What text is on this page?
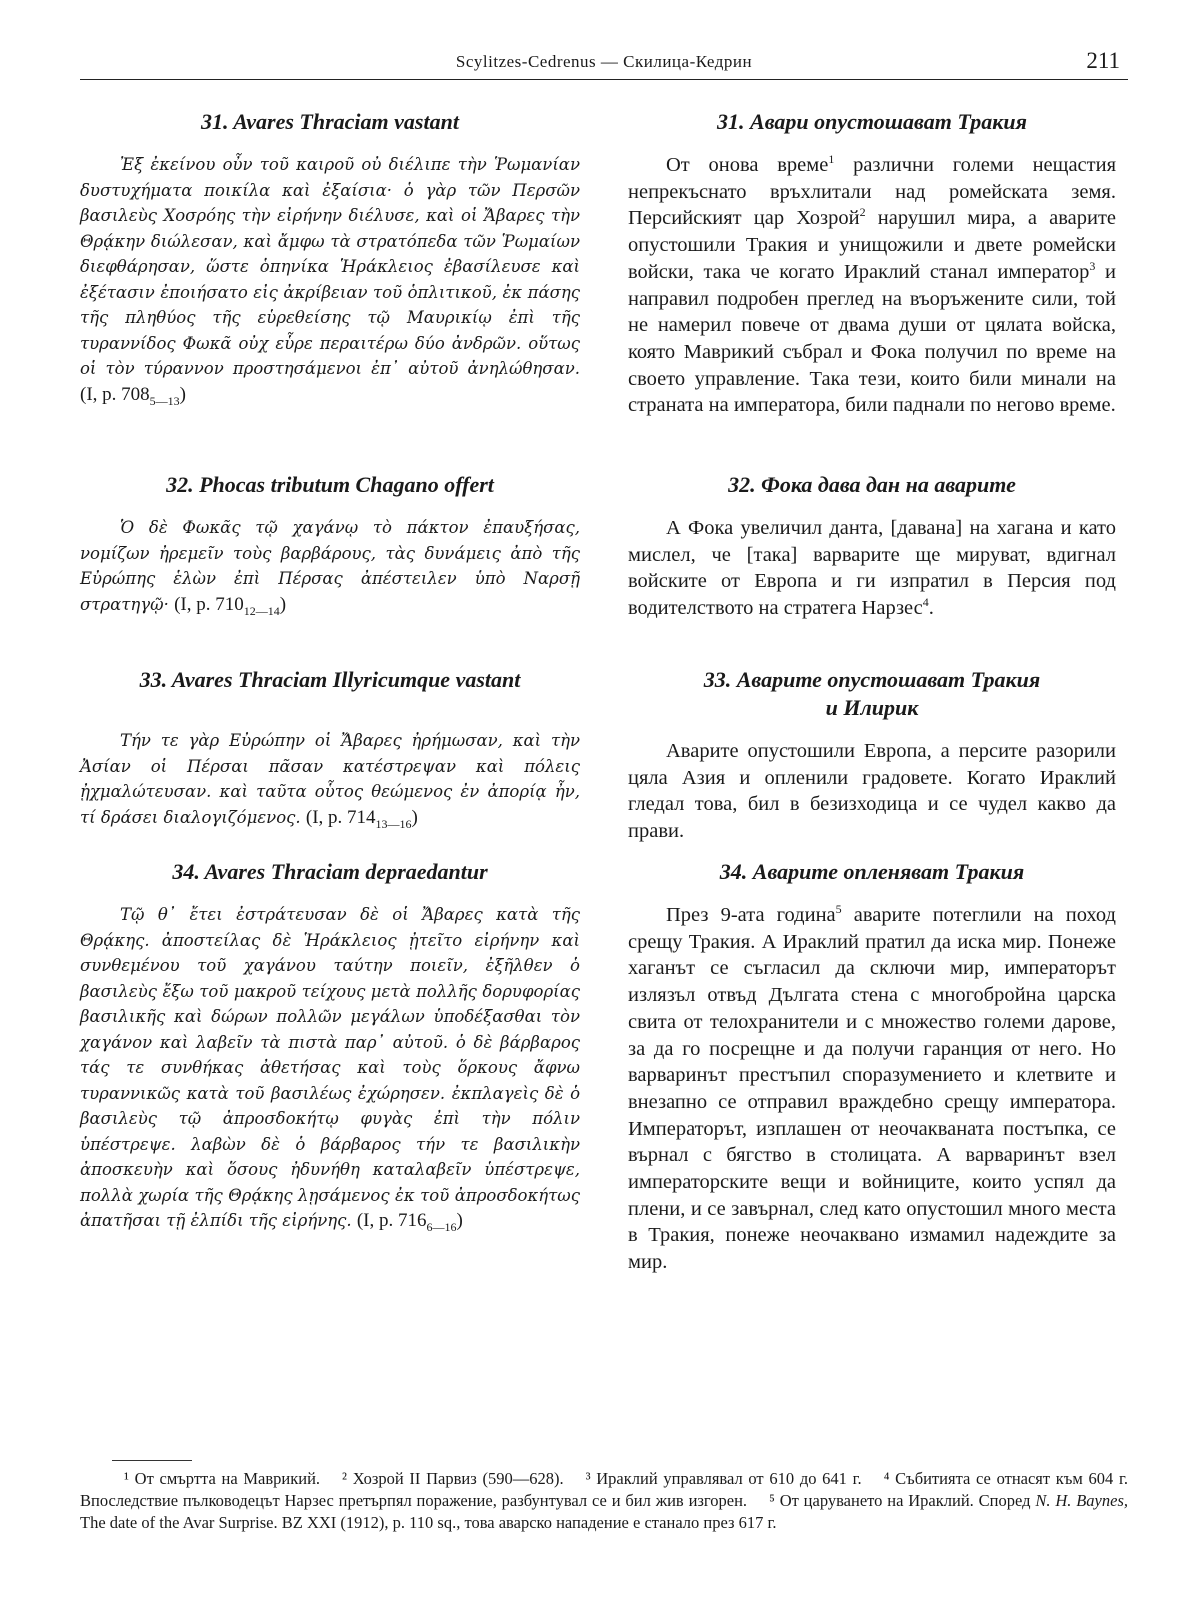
Scylitzes-Cedrenus — Скилица-Кедрин	211
31. Avares Thraciam vastant

Ἐξ ἐκείνου οὖν τοῦ καιροῦ οὐ διέλιπε τὴν Ῥωμανίαν δυστυχήματα ποικίλα καὶ ἐξαίσια· ὁ γὰρ τῶν Περσῶν βασιλεὺς Χοσρόης τὴν εἰρήνην διέλυσε, καὶ οἱ Ἄβαρες τὴν Θρᾴκην διώλεσαν, καὶ ἄμφω τὰ στρατόπεδα τῶν Ῥωμαίων διεφθάρησαν, ὥστε ὁπηνίκα Ἡράκλειος ἐβασίλευσε καὶ ἐξέτασιν ἐποιήσατο εἰς ἀκρίβειαν τοῦ ὁπλιτικοῦ, ἐκ πάσης τῆς πληθύος τῆς εὑρεθείσης τῷ Μαυρικίῳ ἐπὶ τῆς τυραννίδος Φωκᾶ οὐχ εὗρε περαιτέρω δύο ἀνδρῶν. οὕτως οἱ τὸν τύραννον προστησάμενοι ἐπ᾽ αὐτοῦ ἀνηλώθησαν. (I, p. $708_{5—13}$)

32. Phocas tributum Chagano offert

Ὁ δὲ Φωκᾶς τῷ χαγάνῳ τὸ πάκτον ἐπαυξήσας, νομίζων ἠρεμεῖν τοὺς βαρβάρους, τὰς δυνάμεις ἀπὸ τῆς Εὐρώπης ἑλὼν ἐπὶ Πέρσας ἀπέστειλεν ὑπὸ Ναρσῇ στρατηγῷ· (I, p. $710_{12—14}$)

33. Avares Thraciam Illyricumque vastant

Τήν τε γὰρ Εὐρώπην οἱ Ἄβαρες ἠρήμωσαν, καὶ τὴν Ἀσίαν οἱ Πέρσαι πᾶσαν κατέστρεψαν καὶ πόλεις ᾐχμαλώτευσαν. καὶ ταῦτα οὗτος θεώμενος ἐν ἀπορίᾳ ἦν, τί δράσει διαλογιζόμενος. (I, p. $714_{13—16}$)

34. Avares Thraciam depraedantur

Τῷ θ᾽ ἔτει ἐστράτευσαν δὲ οἱ Ἄβαρες κατὰ τῆς Θρᾴκης. ἀποστείλας δὲ Ἡράκλειος ᾐτεῖτο εἰρήνην καὶ συνθεμένου τοῦ χαγάνου ταύτην ποιεῖν, ἐξῆλθεν ὁ βασιλεὺς ἔξω τοῦ μακροῦ τείχους μετὰ πολλῆς δορυφορίας βασιλικῆς καὶ δώρων πολλῶν μεγάλων ὑποδέξασθαι τὸν χαγάνον καὶ λαβεῖν τὰ πιστὰ παρ᾽ αὐτοῦ. ὁ δὲ βάρβαρος τάς τε συνθήκας ἀθετήσας καὶ τοὺς ὅρκους ἄφνω τυραννικῶς κατὰ τοῦ βασιλέως ἐχώρησεν. ἐκπλαγεὶς δὲ ὁ βασιλεὺς τῷ ἀπροσδοκήτῳ φυγὰς ἐπὶ τὴν πόλιν ὑπέστρεψε. λαβὼν δὲ ὁ βάρβαρος τήν τε βασιλικὴν ἀποσκευὴν καὶ ὅσους ἠδυνήθη καταλαβεῖν ὑπέστρεψε, πολλὰ χωρία τῆς Θρᾴκης λῃσάμενος ἐκ τοῦ ἀπροσδοκήτως ἀπατῆσαι τῇ ἐλπίδι τῆς εἰρήνης. (I, p. $716_{6—16}$)

31. Авари опустошават Тракия

От онова време$^1$ различни големи нещастия непрекъснато връхлитали над ромейската земя. Персийският цар Хозрой$^2$ нарушил мира, а аварите опустошили Тракия и унищожили и двете ромейски войски, така че когато Ираклий станал император$^3$ и направил подробен преглед на въоръжените сили, той не намерил повече от двама души от цялата войска, която Маврикий събрал и Фока получил по време на своето управление. Така тези, които били минали на страната на императора, били паднали по негово време.

32. Фока дава дан на аварите

А Фока увеличил данта, [давана] на хагана и като мислел, че [така] варварите ще мируват, вдигнал войските от Европа и ги изпратил в Персия под водителството на стратега Нарзес$^4$.

33. Аварите опустошават Тракия
и Илирик

Аварите опустошили Европа, а персите разорили цяла Азия и опленили градовете. Когато Ираклий гледал това, бил в безизходица и се чудел какво да прави.

34. Аварите опленяват Тракия

През 9-ата година$^5$ аварите потеглили на поход срещу Тракия. А Ираклий пратил да иска мир. Понеже хаганът се съгласил да сключи мир, императорът излязъл отвъд Дългата стена с многобройна царска свита от телохранители и с множество големи дарове, за да го посрещне и да получи гаранция от него. Но варваринът престъпил споразумението и клетвите и внезапно се отправил враждебно срещу императора. Императорът, изплашен от неочакваната постъпка, се върнал с бягство в столицата. А варваринът взел императорските вещи и войниците, които успял да плени, и се завърнал, след като опустошил много места в Тракия, понеже неочаквано измамил надеждите за мир.

¹ От смъртта на Маврикий. ² Хозрой II Парвиз (590—628). ³ Ираклий управлявал от 610 до 641 г. ⁴ Събитията се отнасят към 604 г. Впоследствие пълководецът Нарзес претърпял поражение, разбунтувал се и бил жив изгорен. ⁵ От царуването на Ираклий. Според N. H. Baynes, The date of the Avar Surprise. BZ XXI (1912), p. 110 sq., това аварско нападение е станало през 617 г.
